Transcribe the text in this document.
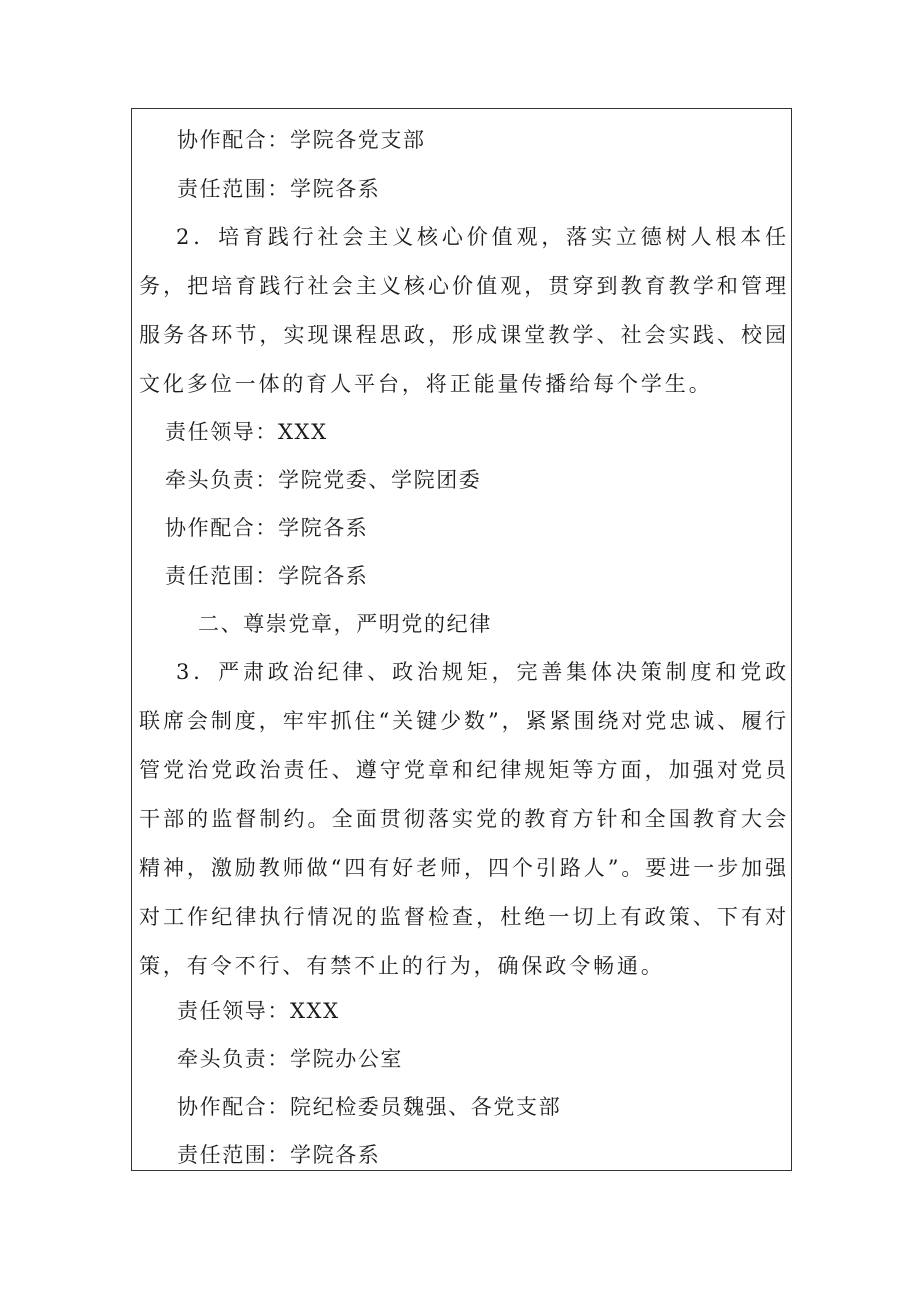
协作配合：学院各党支部
责任范围：学院各系
2．培育践行社会主义核心价值观，落实立德树人根本任务，把培育践行社会主义核心价值观，贯穿到教育教学和管理服务各环节，实现课程思政，形成课堂教学、社会实践、校园文化多位一体的育人平台，将正能量传播给每个学生。
责任领导：XXX
牵头负责：学院党委、学院团委
协作配合：学院各系
责任范围：学院各系
二、尊崇党章，严明党的纪律
3．严肃政治纪律、政治规矩，完善集体决策制度和党政联席会制度，牢牢抓住“关键少数”，紧紧围绕对党忠诚、履行管党治党政治责任、遵守党章和纪律规矩等方面，加强对党员干部的监督制约。全面贯彻落实党的教育方针和全国教育大会精神，激励教师做“四有好老师，四个引路人”。要进一步加强对工作纪律执行情况的监督检查，杜绝一切上有政策、下有对策，有令不行、有禁不止的行为，确保政令畅通。
责任领导：XXX
牵头负责：学院办公室
协作配合：院纪检委员魏强、各党支部
责任范围：学院各系
